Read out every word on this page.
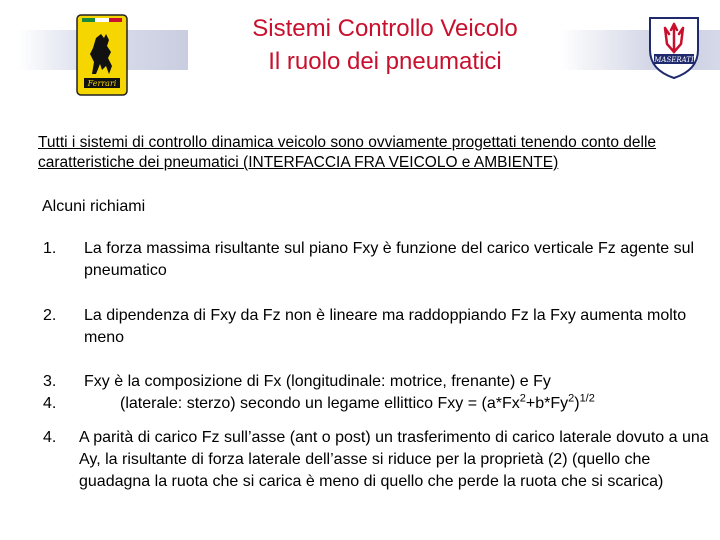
Ferrari
MASERATI
Sistemi Controllo Veicolo
Il ruolo dei pneumatici
Tutti i sistemi di controllo dinamica veicolo sono ovviamente progettati tenendo conto delle caratteristiche dei pneumatici (INTERFACCIA FRA VEICOLO e AMBIENTE)
Alcuni richiami
1. La forza massima risultante sul piano Fxy è funzione del carico verticale Fz agente sul pneumatico
2. La dipendenza di Fxy da Fz non è lineare ma raddoppiando Fz la Fxy aumenta molto meno
3.
4.
Fxy è la composizione di Fx (longitudinale: motrice, frenante) e Fy
(laterale: sterzo) secondo un legame ellittico Fxy = $(a*Fx^2+b*Fy^2)^{1/2}$
4. A parità di carico Fz sull’asse (ant o post) un trasferimento di carico laterale dovuto a una Ay, la risultante di forza laterale dell’asse si riduce per la proprietà (2) (quello che guadagna la ruota che si carica è meno di quello che perde la ruota che si scarica)
